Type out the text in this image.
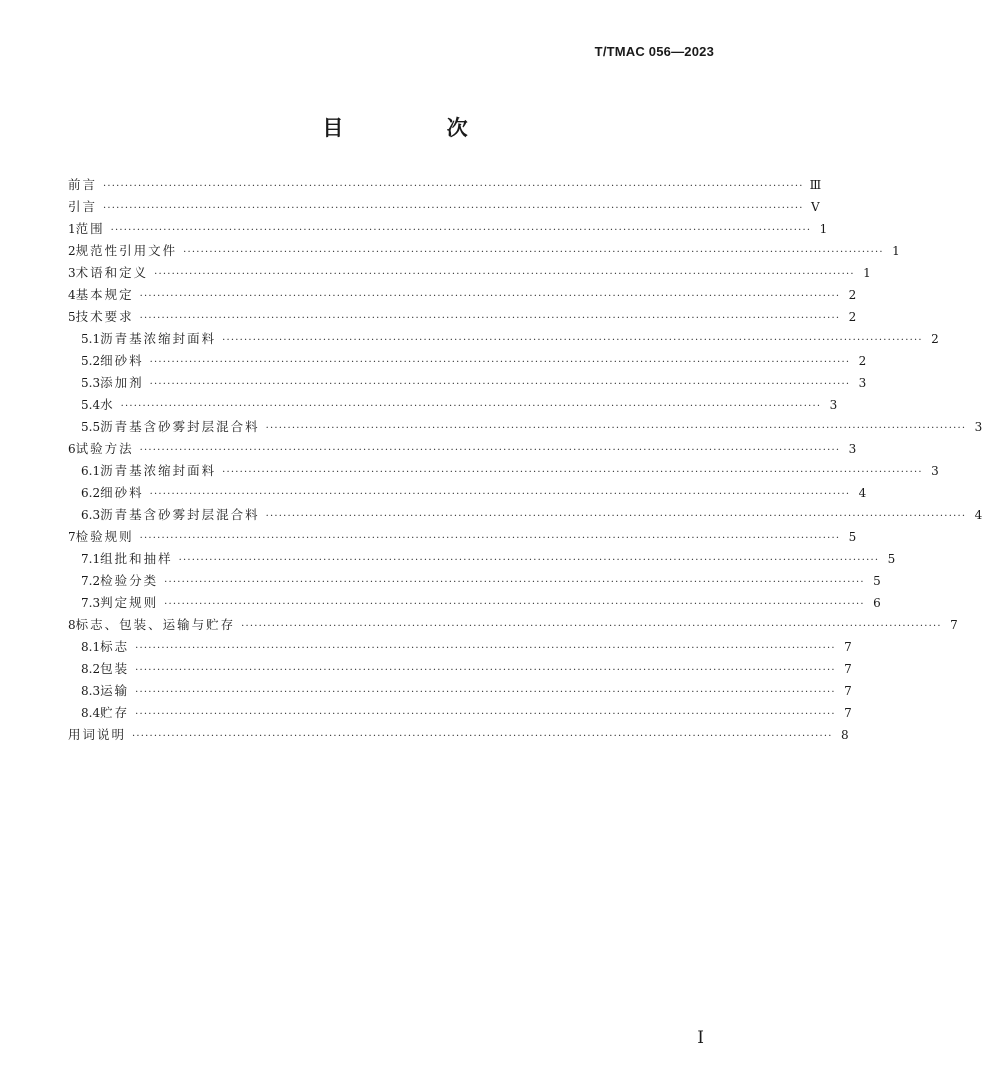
T/TMAC 056—2023
目 次
前言 ································································································································································ Ⅲ
引言 ································································································································································ Ⅴ
1 范围 ································································································································································ 1
2 规范性引用文件 ································································································································································ 1
3 术语和定义 ································································································································································ 1
4 基本规定 ································································································································································ 2
5 技术要求 ································································································································································ 2
5.1 沥青基浓缩封面料 ································································································································································ 2
5.2 细砂料 ································································································································································ 2
5.3 添加剂 ································································································································································ 3
5.4 水 ································································································································································ 3
5.5 沥青基含砂雾封层混合料 ································································································································································ 3
6 试验方法 ································································································································································ 3
6.1 沥青基浓缩封面料 ································································································································································ 3
6.2 细砂料 ································································································································································ 4
6.3 沥青基含砂雾封层混合料 ································································································································································ 4
7 检验规则 ································································································································································ 5
7.1 组批和抽样 ································································································································································ 5
7.2 检验分类 ································································································································································ 5
7.3 判定规则 ································································································································································ 6
8 标志、包装、运输与贮存 ································································································································································ 7
8.1 标志 ································································································································································ 7
8.2 包装 ································································································································································ 7
8.3 运输 ································································································································································ 7
8.4 贮存 ································································································································································ 7
用词说明 ································································································································································ 8
Ⅰ
